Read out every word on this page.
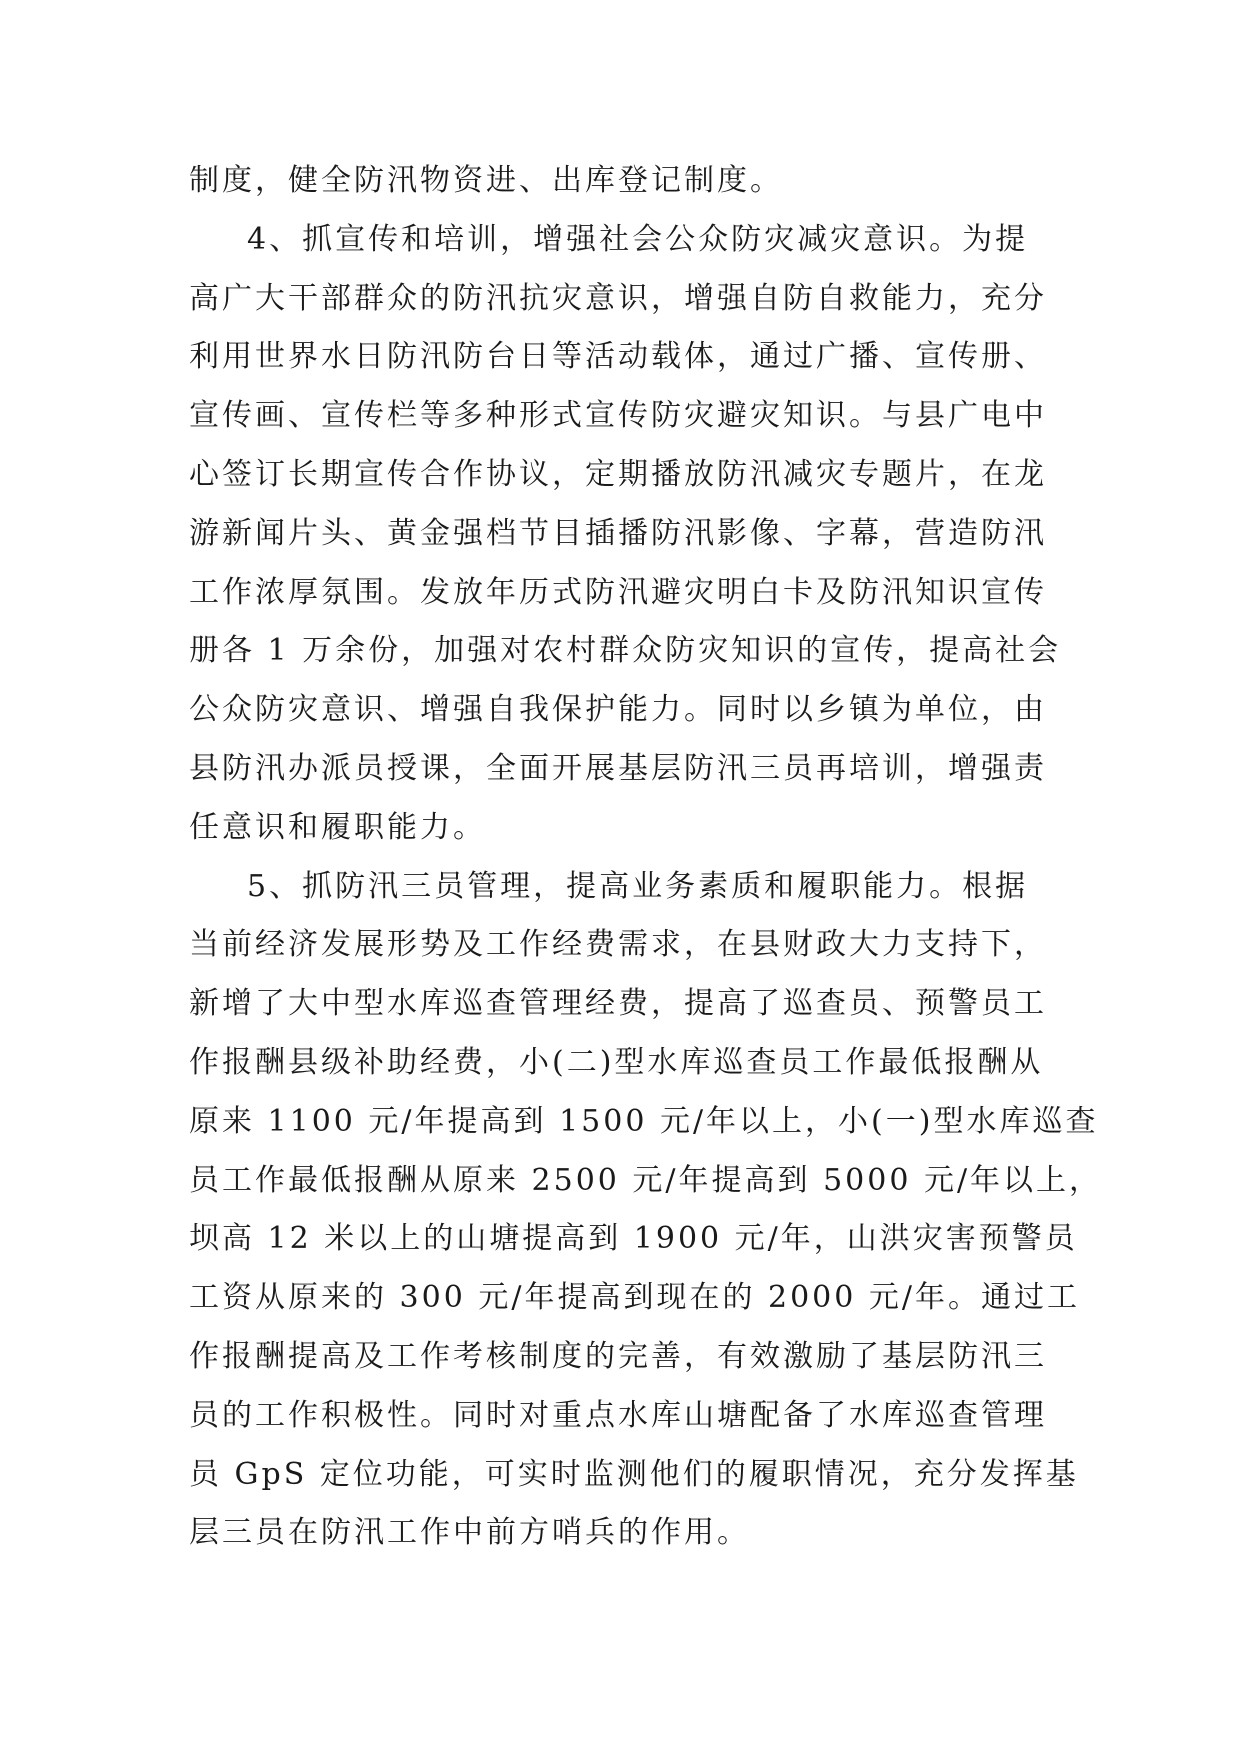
制度，健全防汛物资进、出库登记制度。
4、抓宣传和培训，增强社会公众防灾减灾意识。为提
高广大干部群众的防汛抗灾意识，增强自防自救能力，充分
利用世界水日防汛防台日等活动载体，通过广播、宣传册、
宣传画、宣传栏等多种形式宣传防灾避灾知识。与县广电中
心签订长期宣传合作协议，定期播放防汛减灾专题片，在龙
游新闻片头、黄金强档节目插播防汛影像、字幕，营造防汛
工作浓厚氛围。发放年历式防汛避灾明白卡及防汛知识宣传
册各 1 万余份，加强对农村群众防灾知识的宣传，提高社会
公众防灾意识、增强自我保护能力。同时以乡镇为单位，由
县防汛办派员授课，全面开展基层防汛三员再培训，增强责
任意识和履职能力。
5、抓防汛三员管理，提高业务素质和履职能力。根据
当前经济发展形势及工作经费需求，在县财政大力支持下，
新增了大中型水库巡查管理经费，提高了巡查员、预警员工
作报酬县级补助经费，小(二)型水库巡查员工作最低报酬从
原来 1100 元/年提高到 1500 元/年以上，小(一)型水库巡查
员工作最低报酬从原来 2500 元/年提高到 5000 元/年以上，
坝高 12 米以上的山塘提高到 1900 元/年，山洪灾害预警员
工资从原来的 300 元/年提高到现在的 2000 元/年。通过工
作报酬提高及工作考核制度的完善，有效激励了基层防汛三
员的工作积极性。同时对重点水库山塘配备了水库巡查管理
员 GpS 定位功能，可实时监测他们的履职情况，充分发挥基
层三员在防汛工作中前方哨兵的作用。
